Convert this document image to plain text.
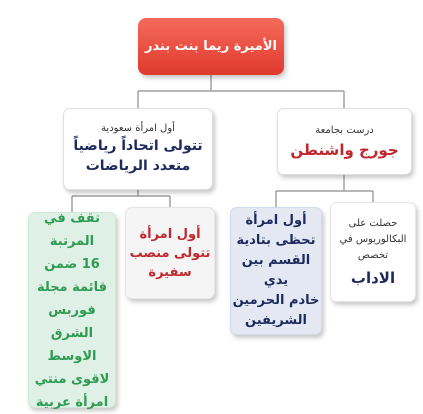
الأميرة ريما بنت بندر
أول امرأة سعودية
تتولى اتحاداً رياضياً
متعدد الرياضات
درست بجامعة
جورج واشنطن
تقف في
المرتبة
16 ضمن
قائمة مجلة
فوربس
الشرق الاوسط
لاقوى منتي
امرأة عربية
أول امرأة
تتولى منصب
سفيرة
أول امرأة
تحظى بتادية
القسم بين يدي
خادم الحرمين
الشريفين
حصلت على
البكالوريوس في
تخصص
الاداب
